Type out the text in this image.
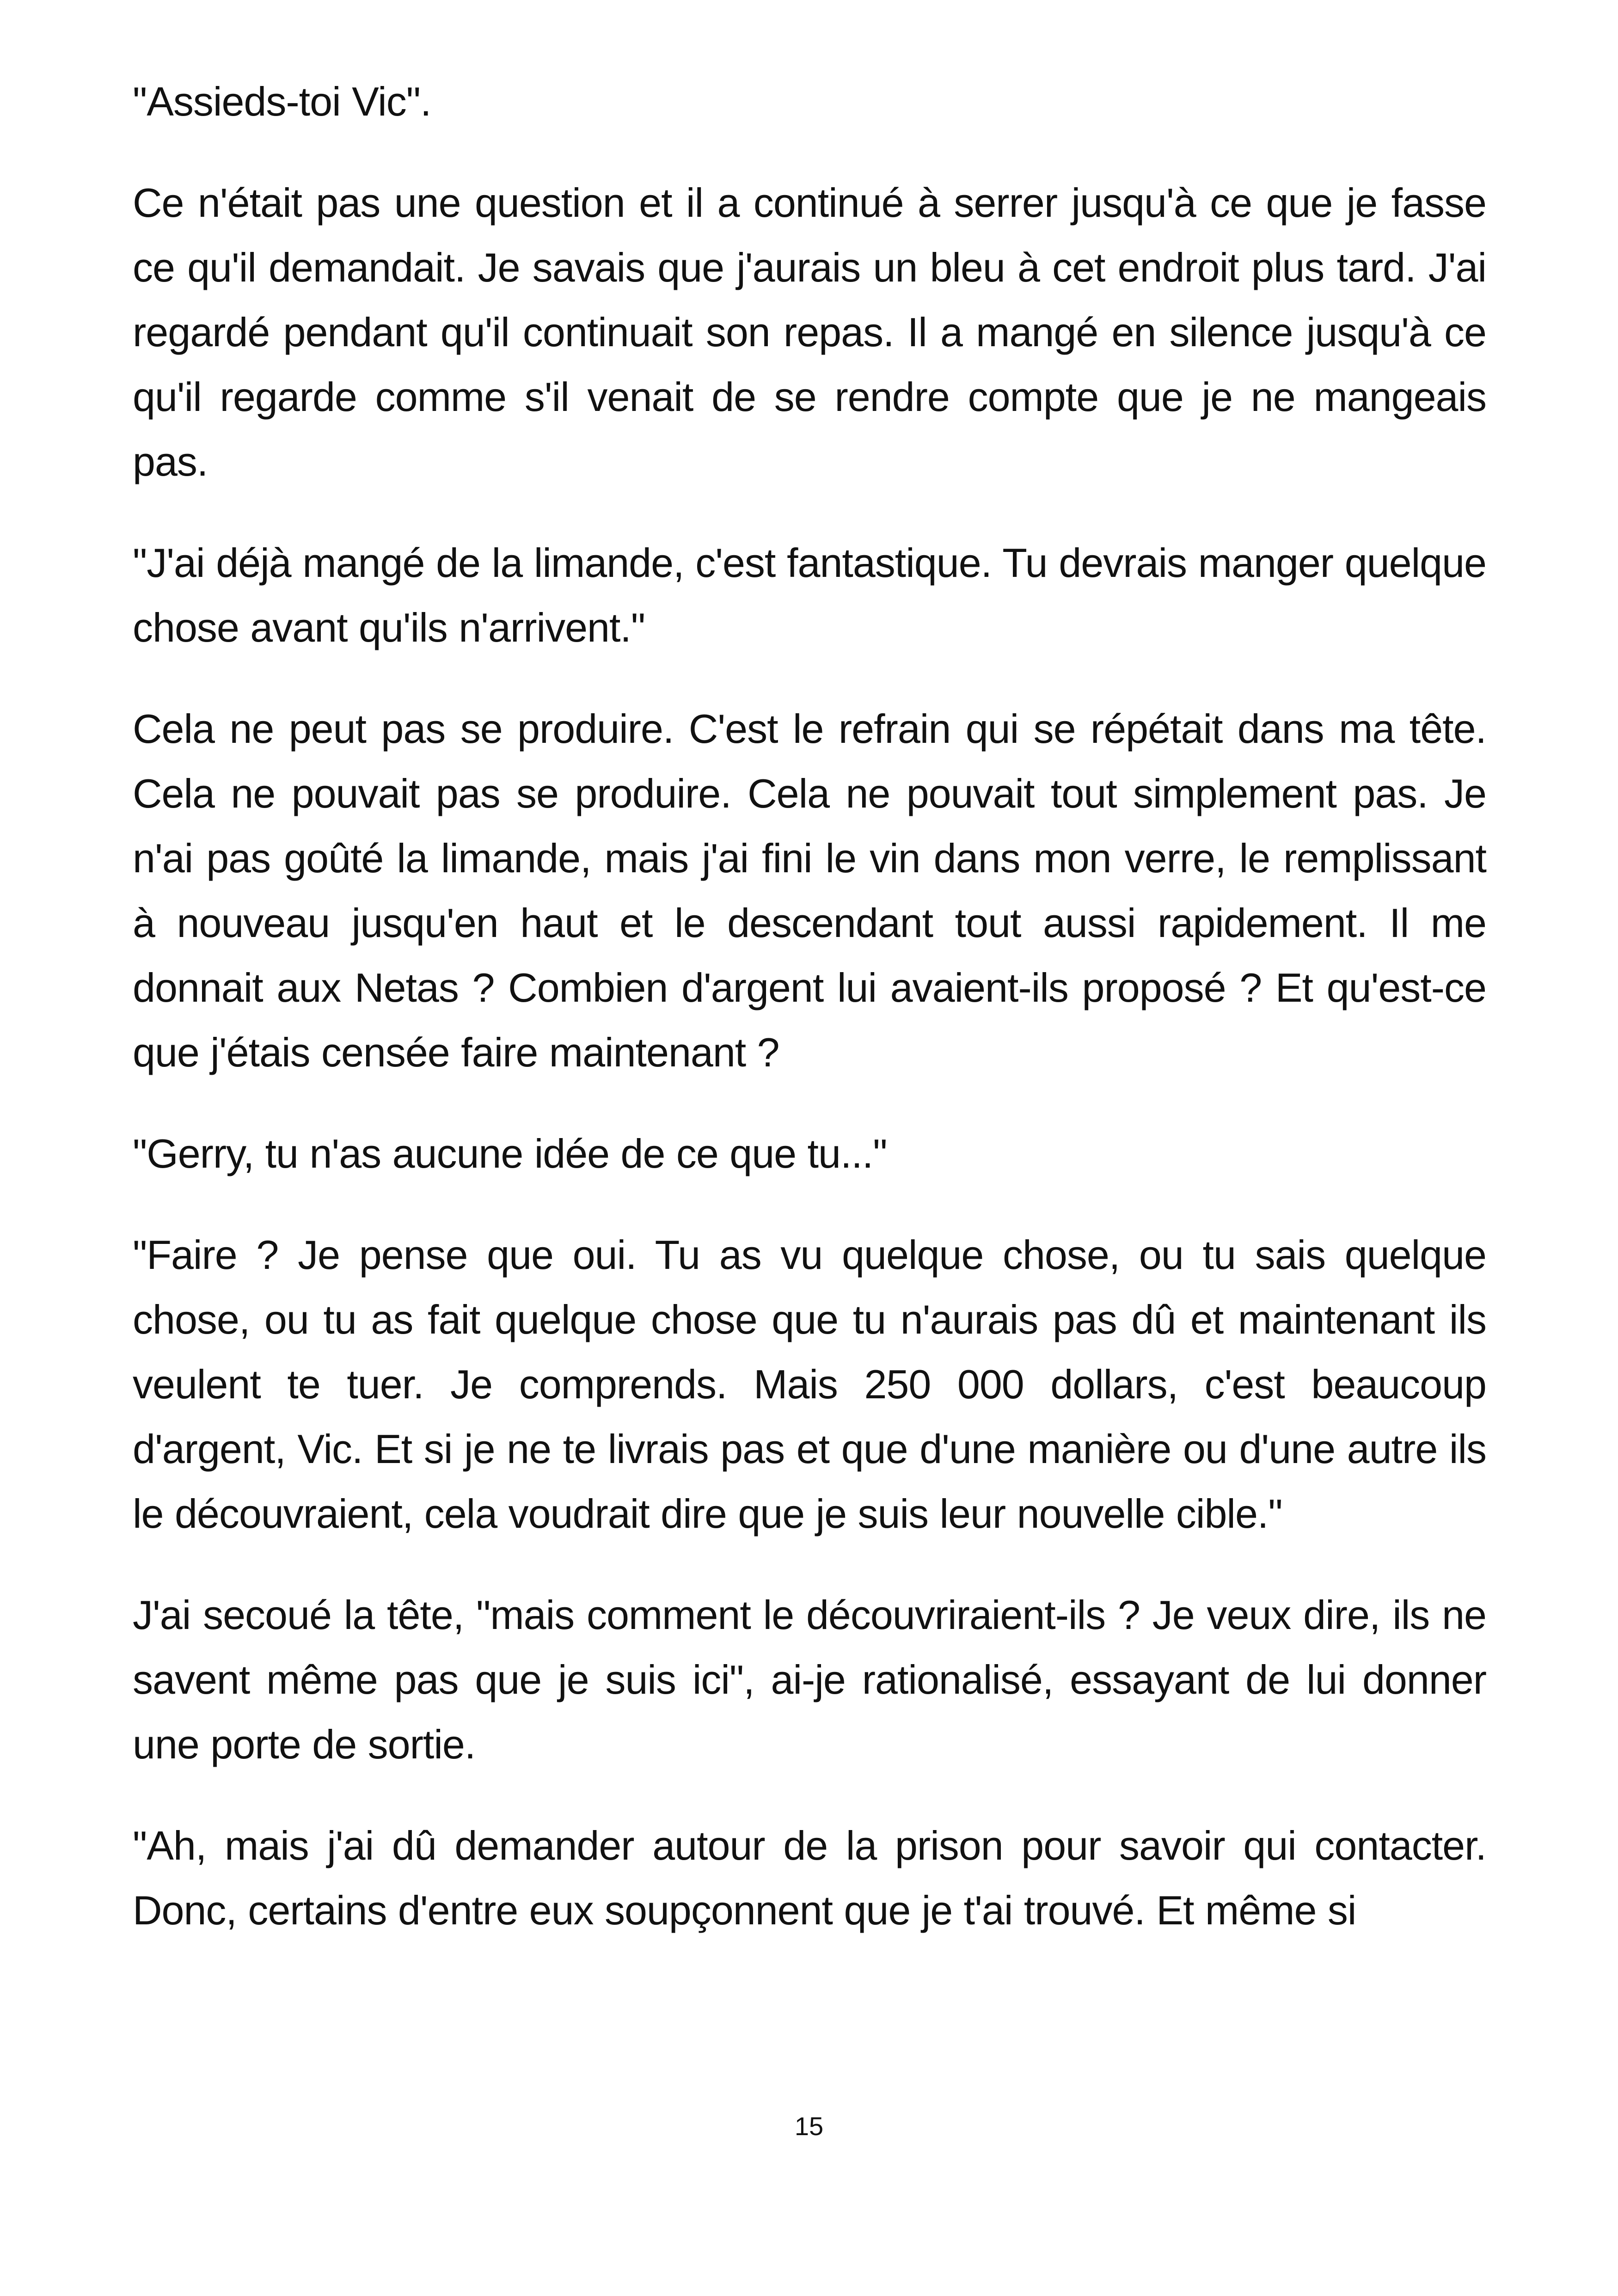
"Assieds-toi Vic".

Ce n'était pas une question et il a continué à serrer jusqu'à ce que je fasse ce qu'il demandait. Je savais que j'aurais un bleu à cet endroit plus tard. J'ai regardé pendant qu'il continuait son repas. Il a mangé en silence jusqu'à ce qu'il regarde comme s'il venait de se rendre compte que je ne mangeais pas.

"J'ai déjà mangé de la limande, c'est fantastique. Tu devrais manger quelque chose avant qu'ils n'arrivent."

Cela ne peut pas se produire. C'est le refrain qui se répétait dans ma tête. Cela ne pouvait pas se produire. Cela ne pouvait tout simplement pas. Je n'ai pas goûté la limande, mais j'ai fini le vin dans mon verre, le remplissant à nouveau jusqu'en haut et le descendant tout aussi rapidement. Il me donnait aux Netas ? Combien d'argent lui avaient-ils proposé ? Et qu'est-ce que j'étais censée faire maintenant ?

"Gerry, tu n'as aucune idée de ce que tu..."

"Faire ? Je pense que oui. Tu as vu quelque chose, ou tu sais quelque chose, ou tu as fait quelque chose que tu n'aurais pas dû et maintenant ils veulent te tuer. Je comprends. Mais 250 000 dollars, c'est beaucoup d'argent, Vic. Et si je ne te livrais pas et que d'une manière ou d'une autre ils le découvraient, cela voudrait dire que je suis leur nouvelle cible."

J'ai secoué la tête, "mais comment le découvriraient-ils ? Je veux dire, ils ne savent même pas que je suis ici", ai-je rationalisé, essayant de lui donner une porte de sortie.

"Ah, mais j'ai dû demander autour de la prison pour savoir qui contacter. Donc, certains d'entre eux soupçonnent que je t'ai trouvé. Et même si

15
